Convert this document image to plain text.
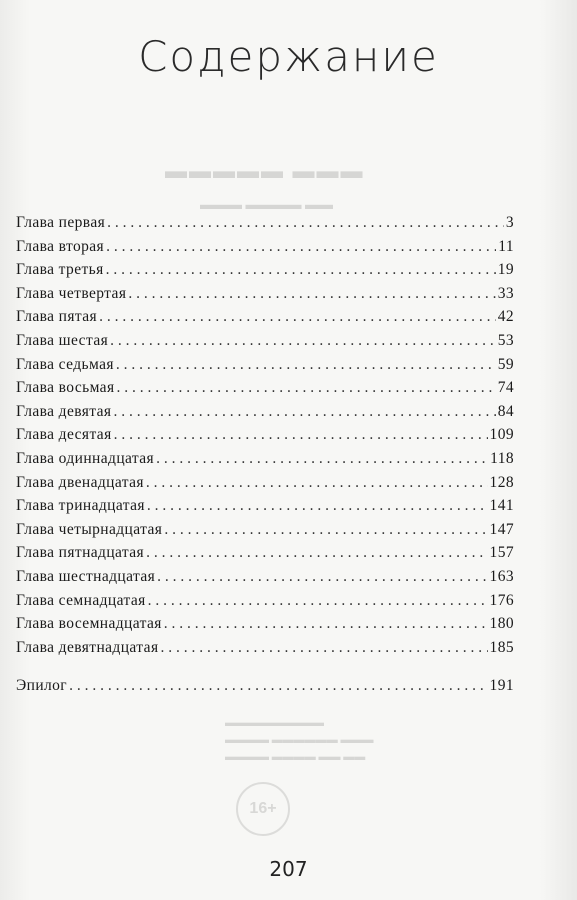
▬▬▬▬▬ ▬▬▬
▬▬▬ ▬▬▬▬ ▬▬
▬▬▬▬▬▬▬▬▬
▬▬▬▬ ▬▬▬▬▬▬ ▬▬▬
▬▬▬▬ ▬▬▬▬ ▬▬ ▬▬
16+
Содержание
Глава первая . . .	3
Глава вторая . . .	11
Глава третья . . .	19
Глава четвертая . . .	33
Глава пятая . . .	42
Глава шестая . . .	53
Глава седьмая . . .	59
Глава восьмая . . .	74
Глава девятая . . .	84
Глава десятая . . .	109
Глава одиннадцатая . . .	118
Глава двенадцатая . . .	128
Глава тринадцатая . . .	141
Глава четырнадцатая . . .	147
Глава пятнадцатая . . .	157
Глава шестнадцатая . . .	163
Глава семнадцатая . . .	176
Глава восемнадцатая . . .	180
Глава девятнадцатая . . .	185
Эпилог . . .	191
207
